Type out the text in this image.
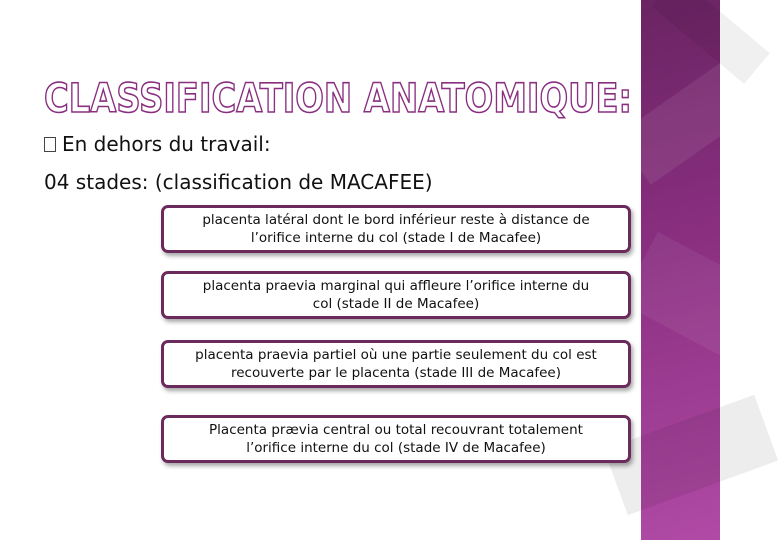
CLASSIFICATION ANATOMIQUE:
En dehors du travail:
04 stades: (classification de MACAFEE)
placenta latéral dont le bord inférieur reste à distance de
l’orifice interne du col (stade I de Macafee)
placenta praevia marginal qui affleure l’orifice interne du
col (stade II de Macafee)
placenta praevia partiel où une partie seulement du col est
recouverte par le placenta (stade III de Macafee)
Placenta prævia central ou total recouvrant totalement
l’orifice interne du col (stade IV de Macafee)
